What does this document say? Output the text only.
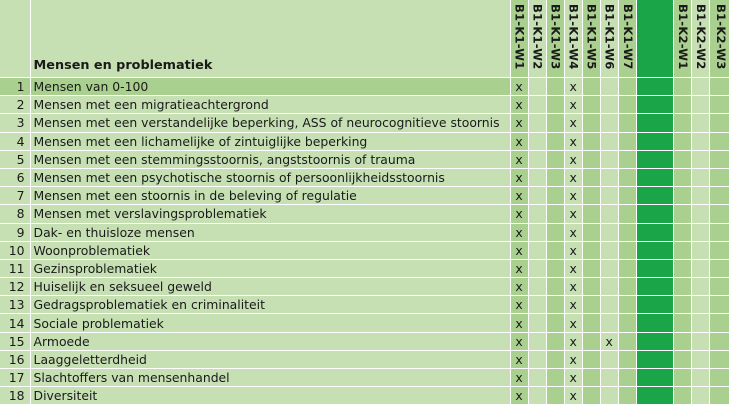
	Mensen en problematiek	B1-K1-W1	B1-K1-W2	B1-K1-W3	B1-K1-W4	B1-K1-W5	B1-K1-W6	B1-K1-W7		B1-K2-W1	B1-K2-W2	B1-K2-W3

1	Mensen van 0-100	x			x							
2	Mensen met een migratieachtergrond	x			x							
3	Mensen met een verstandelijke beperking, ASS of neurocognitieve stoornis	x			x							
4	Mensen met een lichamelijke of zintuiglijke beperking	x			x							
5	Mensen met een stemmingsstoornis, angststoornis of trauma	x			x							
6	Mensen met een psychotische stoornis of persoonlijkheidsstoornis	x			x							
7	Mensen met een stoornis in de beleving of regulatie	x			x							
8	Mensen met verslavingsproblematiek	x			x							
9	Dak- en thuisloze mensen	x			x							
10	Woonproblematiek	x			x							
11	Gezinsproblematiek	x			x							
12	Huiselijk en seksueel geweld	x			x							
13	Gedragsproblematiek en criminaliteit	x			x							
14	Sociale problematiek	x			x							
15	Armoede	x			x		x					
16	Laaggeletterdheid	x			x							
17	Slachtoffers van mensenhandel	x			x							
18	Diversiteit	x			x							
